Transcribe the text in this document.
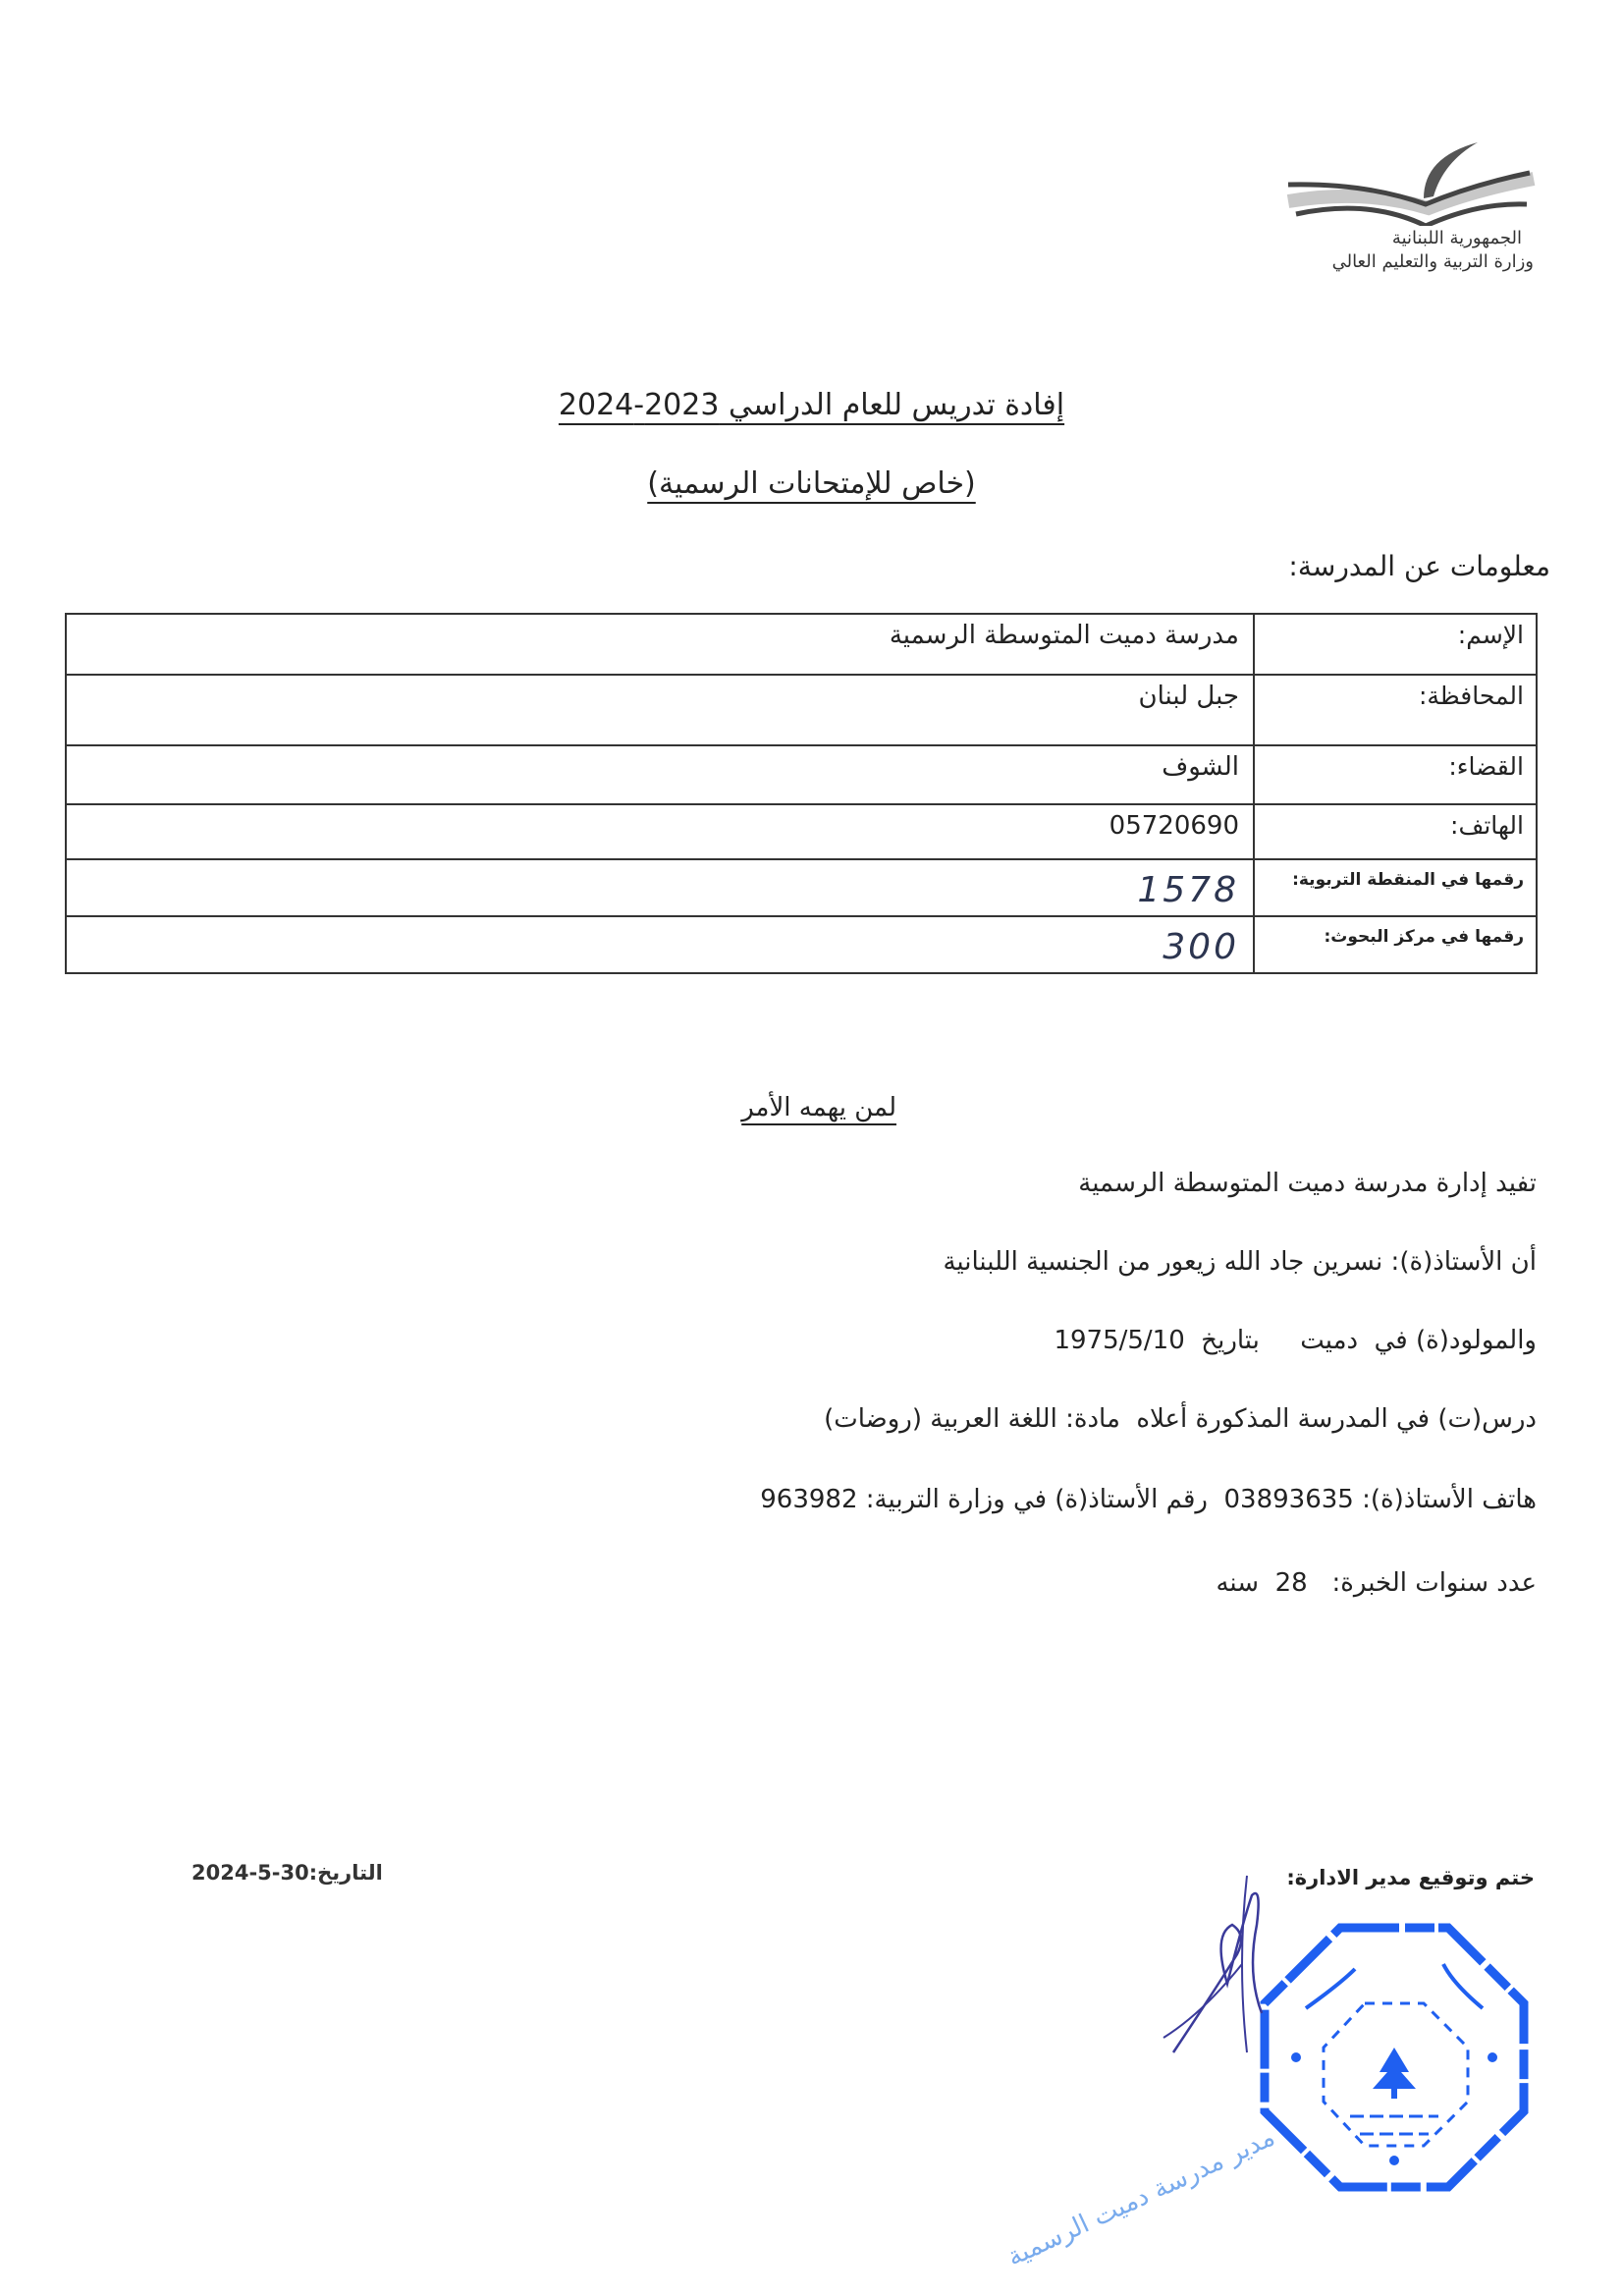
الجمهورية اللبنانية
وزارة التربية والتعليم العالي
إفادة تدريس للعام الدراسي 2023-2024
(خاص للإمتحانات الرسمية)
معلومات عن المدرسة:
الإسم:	مدرسة دميت المتوسطة الرسمية
المحافظة:	جبل لبنان
القضاء:	الشوف
الهاتف:	05720690
رقمها في المنقطة التربوية:	1578
رقمها في مركز البحوث:	300
لمن يهمه الأمر
تفيد إدارة مدرسة دميت المتوسطة الرسمية
أن الأستاذ(ة): نسرين جاد الله زيعور من الجنسية اللبنانية
والمولود(ة) في  دميت     بتاريخ  1975/5/10
درس(ت) في المدرسة المذكورة أعلاه  مادة: اللغة العربية (روضات)
هاتف الأستاذ(ة): 03893635  رقم الأستاذ(ة) في وزارة التربية: 963982
عدد سنوات الخبرة:   28  سنه
التاريخ:30-5-2024	ختم وتوقيع مدير الادارة:
مدير مدرسة دميت الرسمية
